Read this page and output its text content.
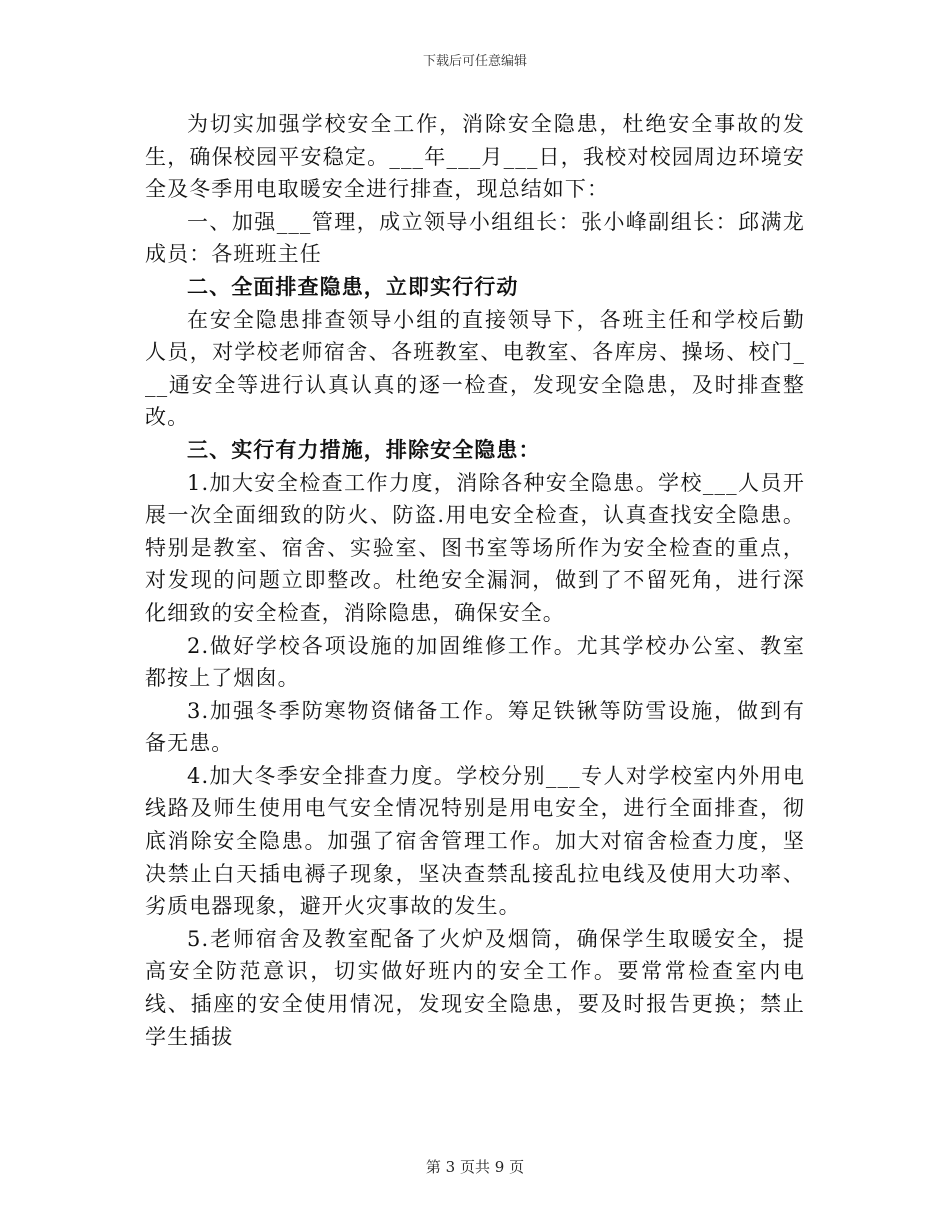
下载后可任意编辑

为切实加强学校安全工作，消除安全隐患，杜绝安全事故的发生，确保校园平安稳定。___年___月___日，我校对校园周边环境安全及冬季用电取暖安全进行排查，现总结如下：

一、加强___管理，成立领导小组组长：张小峰副组长：邱满龙成员：各班班主任

二、全面排查隐患，立即实行行动

在安全隐患排查领导小组的直接领导下，各班主任和学校后勤人员，对学校老师宿舍、各班教室、电教室、各库房、操场、校门___通安全等进行认真认真的逐一检查，发现安全隐患，及时排查整改。

三、实行有力措施，排除安全隐患：

1.加大安全检查工作力度，消除各种安全隐患。学校___人员开展一次全面细致的防火、防盗.用电安全检查，认真查找安全隐患。特别是教室、宿舍、实验室、图书室等场所作为安全检查的重点，对发现的问题立即整改。杜绝安全漏洞，做到了不留死角，进行深化细致的安全检查，消除隐患，确保安全。

2.做好学校各项设施的加固维修工作。尤其学校办公室、教室都按上了烟囱。

3.加强冬季防寒物资储备工作。筹足铁锹等防雪设施，做到有备无患。

4.加大冬季安全排查力度。学校分别___专人对学校室内外用电线路及师生使用电气安全情况特别是用电安全，进行全面排查，彻底消除安全隐患。加强了宿舍管理工作。加大对宿舍检查力度，坚决禁止白天插电褥子现象，坚决查禁乱接乱拉电线及使用大功率、劣质电器现象，避开火灾事故的发生。

5.老师宿舍及教室配备了火炉及烟筒，确保学生取暖安全，提高安全防范意识，切实做好班内的安全工作。要常常检查室内电线、插座的安全使用情况，发现安全隐患，要及时报告更换；禁止学生插拔

第 3 页共 9 页
